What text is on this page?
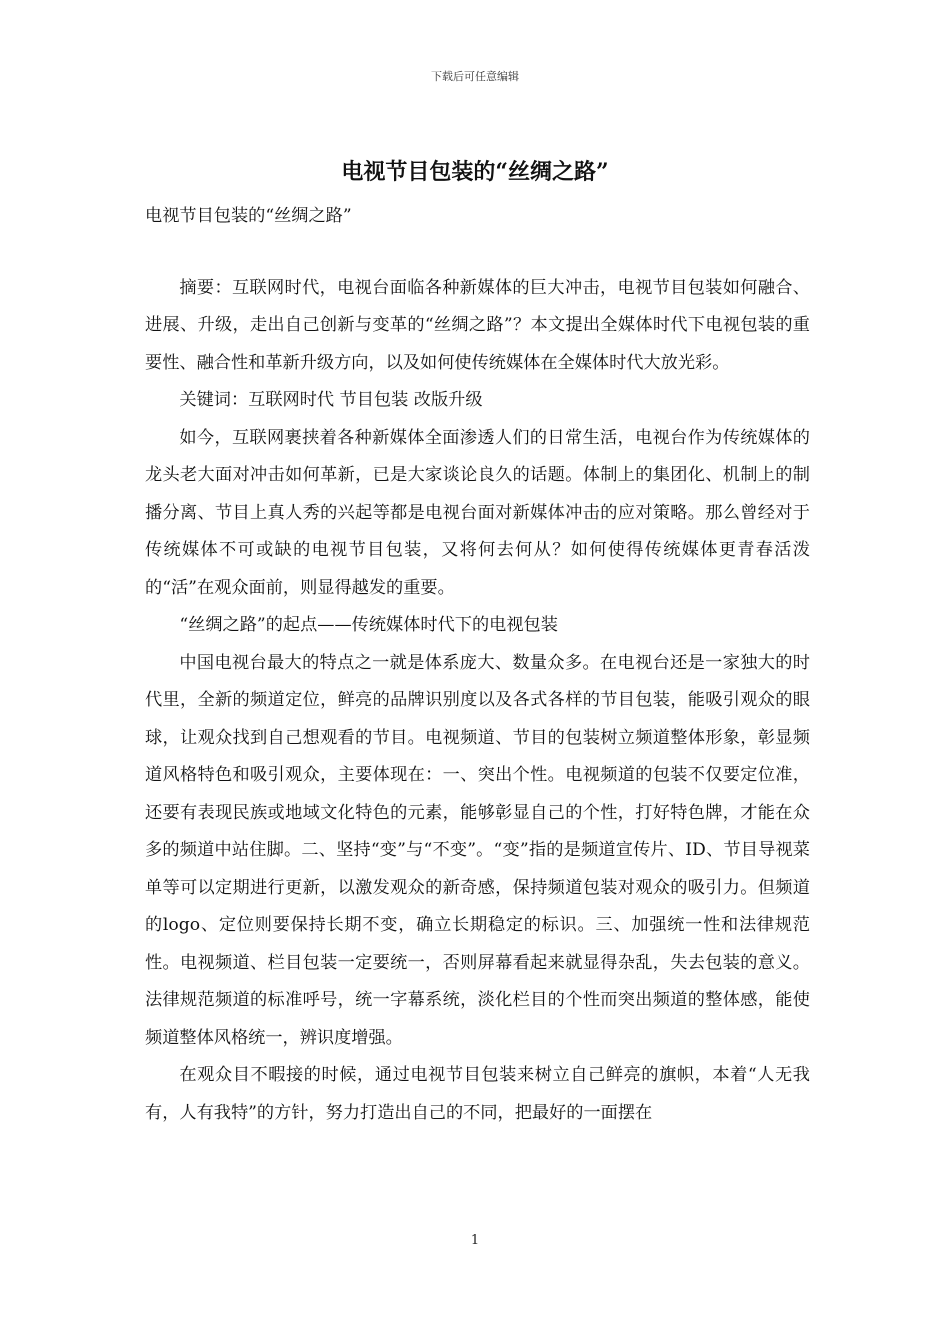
下载后可任意编辑
电视节目包装的“丝绸之路”

电视节目包装的“丝绸之路”

摘要：互联网时代，电视台面临各种新媒体的巨大冲击，电视节目包装如何融合、进展、升级，走出自己创新与变革的“丝绸之路”？本文提出全媒体时代下电视包装的重要性、融合性和革新升级方向，以及如何使传统媒体在全媒体时代大放光彩。

关键词：互联网时代 节目包装 改版升级

如今，互联网裹挟着各种新媒体全面渗透人们的日常生活，电视台作为传统媒体的龙头老大面对冲击如何革新，已是大家谈论良久的话题。体制上的集团化、机制上的制播分离、节目上真人秀的兴起等都是电视台面对新媒体冲击的应对策略。那么曾经对于传统媒体不可或缺的电视节目包装，又将何去何从？如何使得传统媒体更青春活泼的“活”在观众面前，则显得越发的重要。

“丝绸之路”的起点——传统媒体时代下的电视包装

中国电视台最大的特点之一就是体系庞大、数量众多。在电视台还是一家独大的时代里，全新的频道定位，鲜亮的品牌识别度以及各式各样的节目包装，能吸引观众的眼球，让观众找到自己想观看的节目。电视频道、节目的包装树立频道整体形象，彰显频道风格特色和吸引观众，主要体现在：一、突出个性。电视频道的包装不仅要定位准，还要有表现民族或地域文化特色的元素，能够彰显自己的个性，打好特色牌，才能在众多的频道中站住脚。二、坚持“变”与“不变”。“变”指的是频道宣传片、ID、节目导视菜单等可以定期进行更新，以激发观众的新奇感，保持频道包装对观众的吸引力。但频道的logo、定位则要保持长期不变，确立长期稳定的标识。三、加强统一性和法律规范性。电视频道、栏目包装一定要统一，否则屏幕看起来就显得杂乱，失去包装的意义。法律规范频道的标准呼号，统一字幕系统，淡化栏目的个性而突出频道的整体感，能使频道整体风格统一，辨识度增强。

在观众目不暇接的时候，通过电视节目包装来树立自己鲜亮的旗帜，本着“人无我有，人有我特”的方针，努力打造出自己的不同，把最好的一面摆在

1
